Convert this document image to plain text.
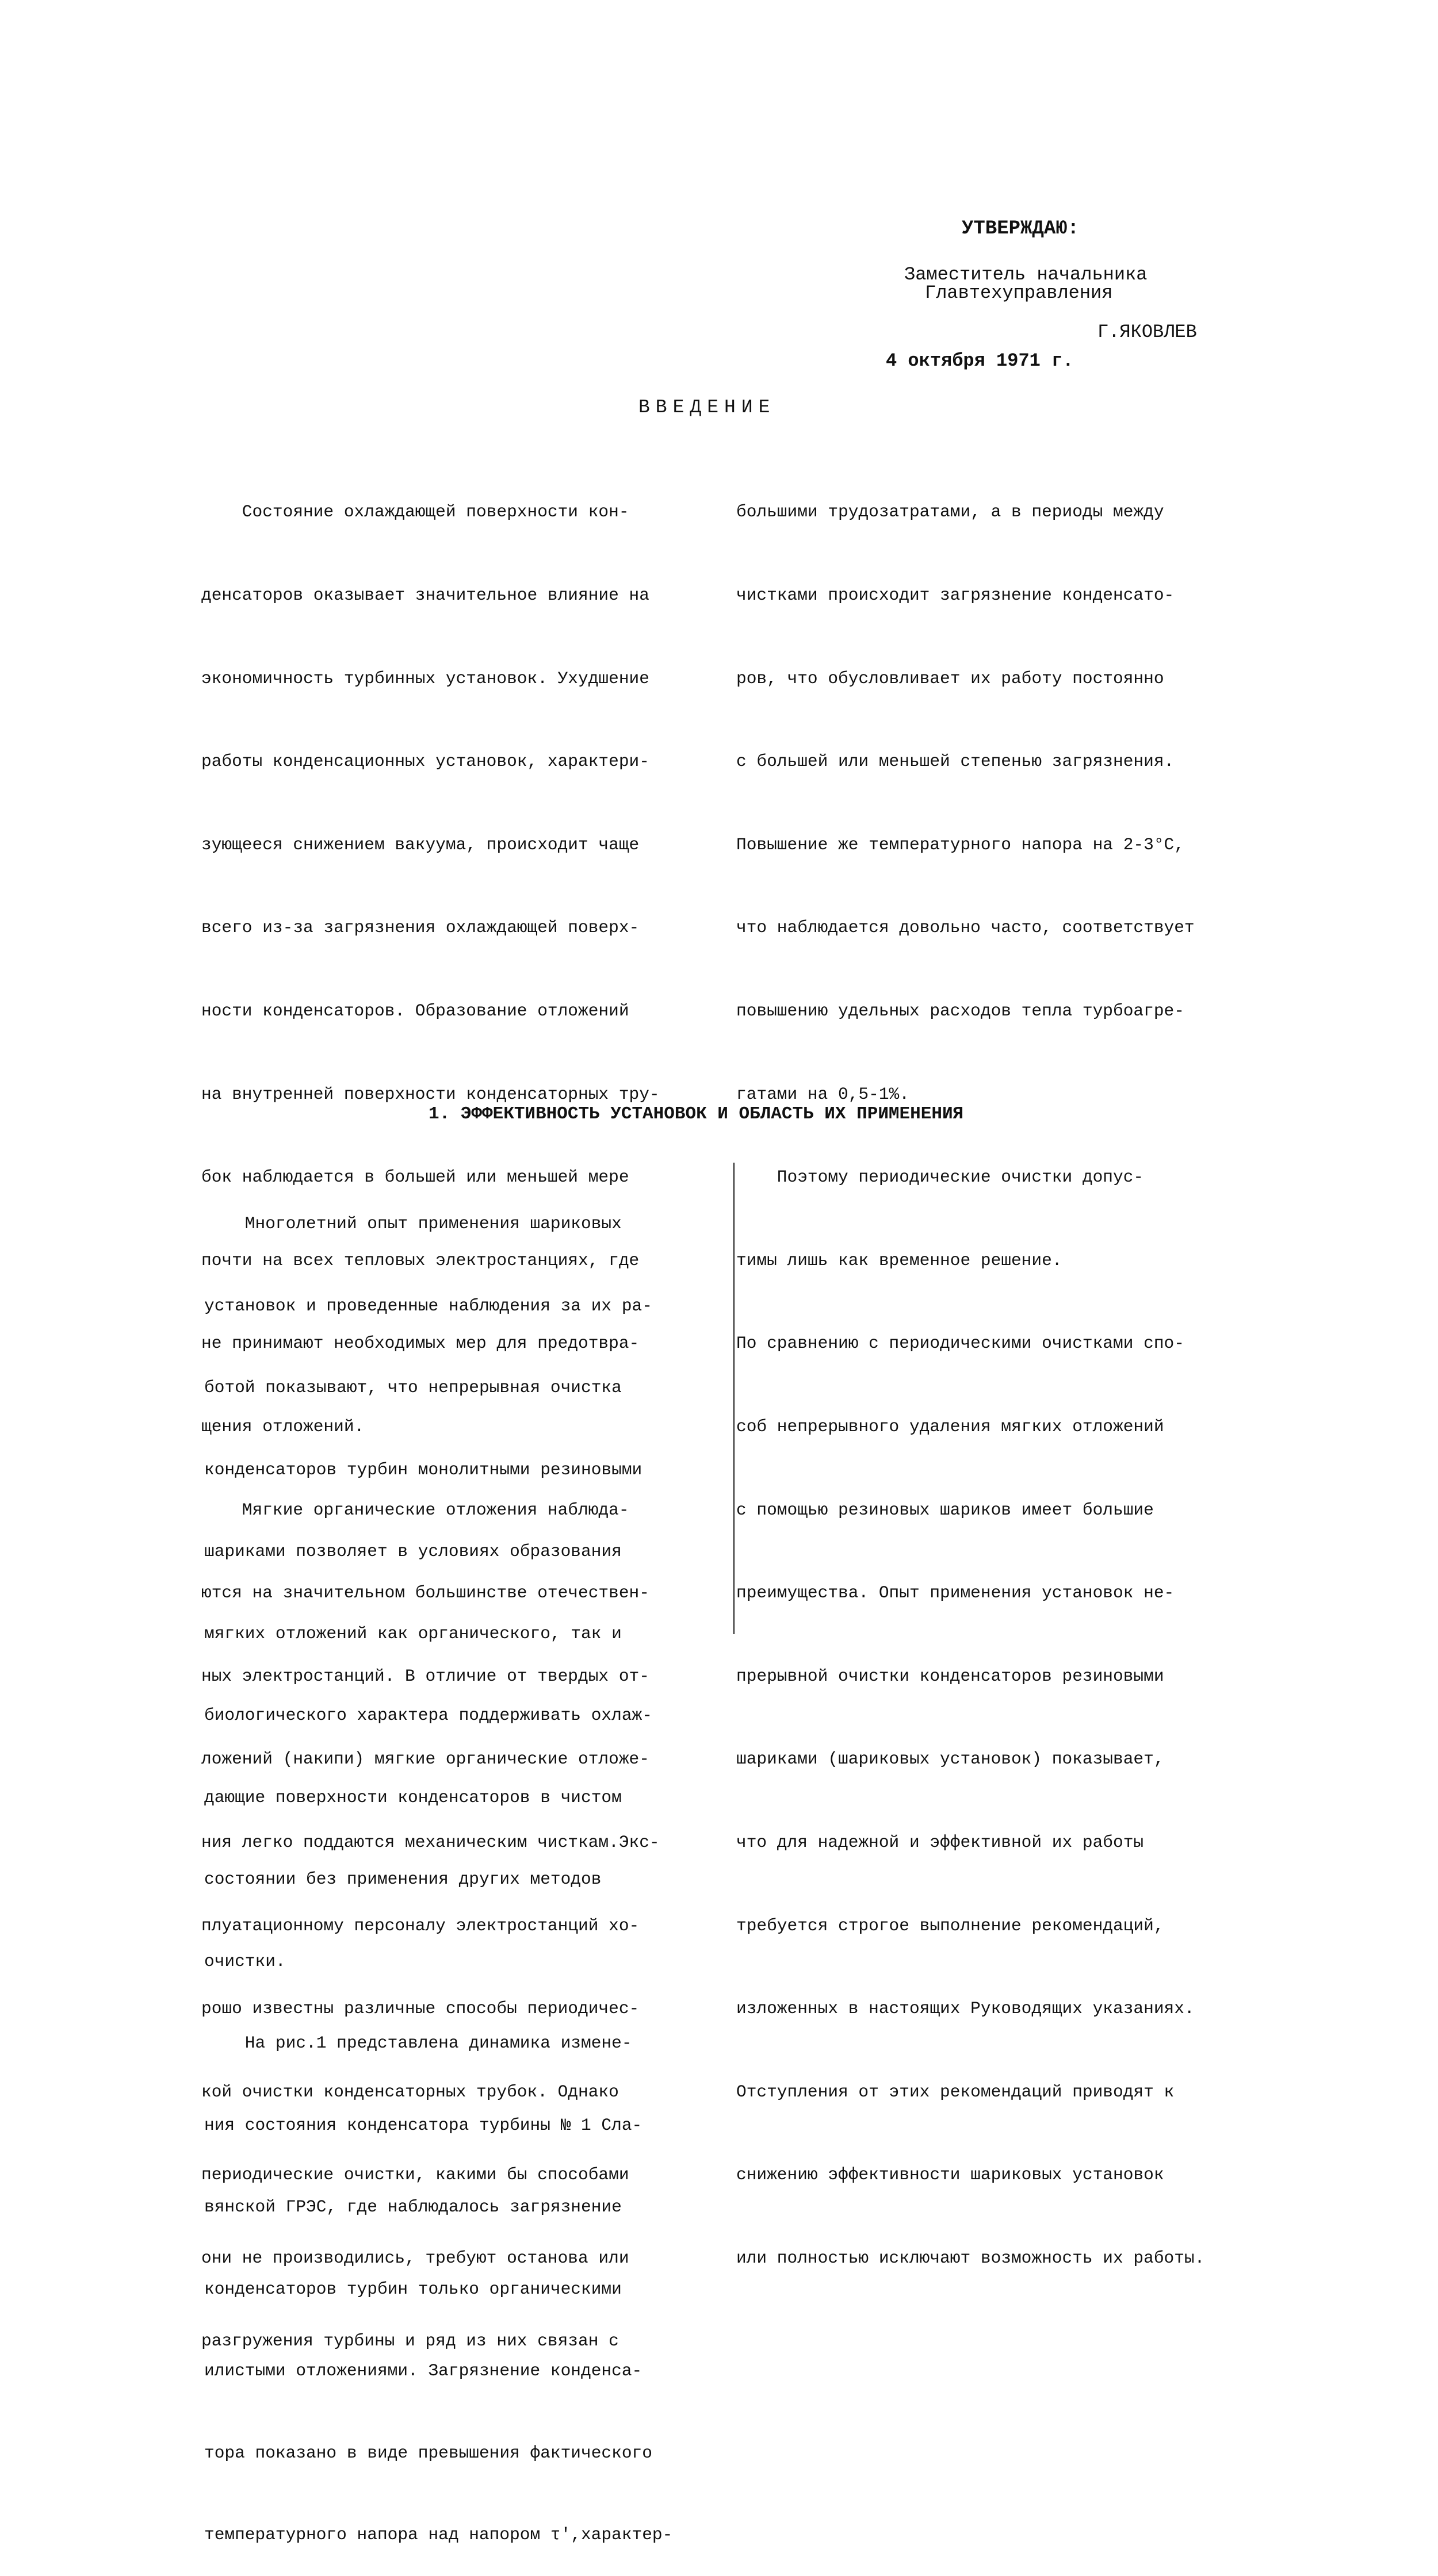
УТВЕРЖДАЮ:
Заместитель начальника
Главтехуправления
Г.ЯКОВЛЕВ
4 октября 1971 г.
ВВЕДЕНИЕ

Состояние охлаждающей поверхности кон-

денсаторов оказывает значительное влияние на

экономичность турбинных установок. Ухудшение

работы конденсационных установок, характери-

зующееся снижением вакуума, происходит чаще

всего из-за загрязнения охлаждающей поверх-

ности конденсаторов. Образование отложений

на внутренней поверхности конденсаторных тру-

бок наблюдается в большей или меньшей мере

почти на всех тепловых электростанциях, где

не принимают необходимых мер для предотвра-

щения отложений.

Мягкие органические отложения наблюда-

ются на значительном большинстве отечествен-

ных электростанций. В отличие от твердых от-

ложений (накипи) мягкие органические отложе-

ния легко поддаются механическим чисткам.Экс-

плуатационному персоналу электростанций хо-

рошо известны различные способы периодичес-

кой очистки конденсаторных трубок. Однако

периодические очистки, какими бы способами

они не производились, требуют останова или

разгружения турбины и ряд из них связан с

большими трудозатратами, а в периоды между

чистками происходит загрязнение конденсато-

ров, что обусловливает их работу постоянно

с большей или меньшей степенью загрязнения.

Повышение же температурного напора на 2-3°С,

что наблюдается довольно часто, соответствует

повышению удельных расходов тепла турбоагре-

гатами на 0,5-1%.

Поэтому периодические очистки допус-

тимы лишь как временное решение.

По сравнению с периодическими очистками спо-

соб непрерывного удаления мягких отложений

с помощью резиновых шариков имеет большие

преимущества. Опыт применения установок не-

прерывной очистки конденсаторов резиновыми

шариками (шариковых установок) показывает,

что для надежной и эффективной их работы

требуется строгое выполнение рекомендаций,

изложенных в настоящих Руководящих указаниях.

Отступления от этих рекомендаций приводят к

снижению эффективности шариковых установок

или полностью исключают возможность их работы.

1. ЭФФЕКТИВНОСТЬ УСТАНОВОК И ОБЛАСТЬ ИХ ПРИМЕНЕНИЯ

Многолетний опыт применения шариковых

установок и проведенные наблюдения за их ра-

ботой показывают, что непрерывная очистка

конденсаторов турбин монолитными резиновыми

шариками позволяет в условиях образования

мягких отложений как органического, так и

биологического характера поддерживать охлаж-

дающие поверхности конденсаторов в чистом

состоянии без применения других методов

очистки.

На рис.1 представлена динамика измене-

ния состояния конденсатора турбины № 1 Сла-

вянской ГРЭС, где наблюдалось загрязнение

конденсаторов турбин только органическими

илистыми отложениями. Загрязнение конденса-

тора показано в виде превышения фактического

температурного напора над напором τ',характер-
